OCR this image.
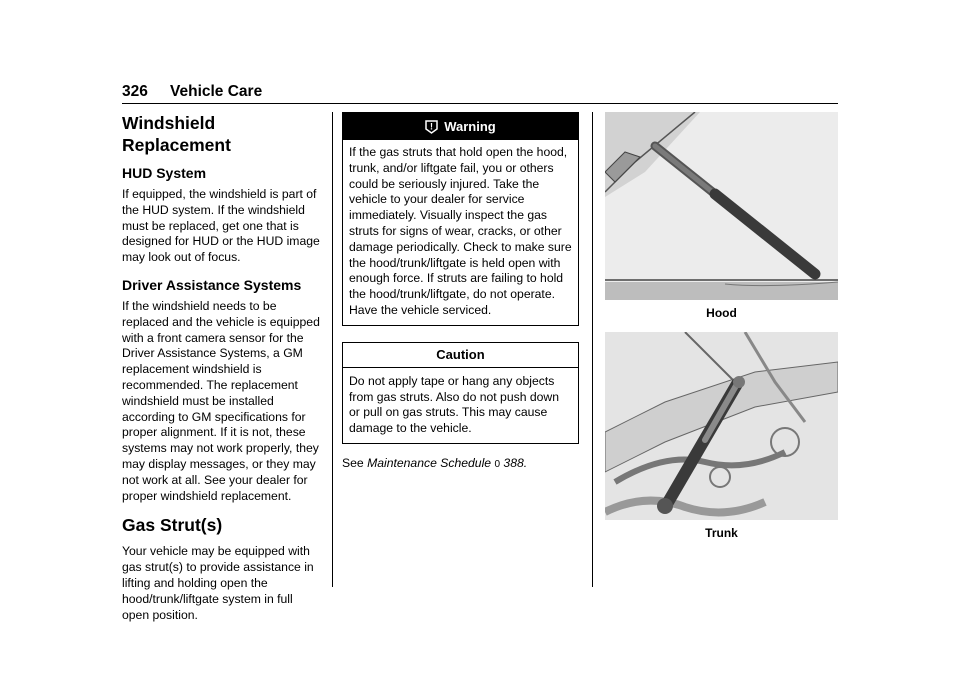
326 Vehicle Care
Windshield Replacement
HUD System

If equipped, the windshield is part of the HUD system. If the windshield must be replaced, get one that is designed for HUD or the HUD image may look out of focus.

Driver Assistance Systems

If the windshield needs to be replaced and the vehicle is equipped with a front camera sensor for the Driver Assistance Systems, a GM replacement windshield is recommended. The replacement windshield must be installed according to GM specifications for proper alignment. If it is not, these systems may not work properly, they may display messages, or they may not work at all. See your dealer for proper windshield replacement.

Gas Strut(s)

Your vehicle may be equipped with gas strut(s) to provide assistance in lifting and holding open the hood/trunk/liftgate system in full open position.

! Warning

If the gas struts that hold open the hood, trunk, and/or liftgate fail, you or others could be seriously injured. Take the vehicle to your dealer for service immediately. Visually inspect the gas struts for signs of wear, cracks, or other damage periodically. Check to make sure the hood/trunk/liftgate is held open with enough force. If struts are failing to hold the hood/trunk/liftgate, do not operate. Have the vehicle serviced.

Caution

Do not apply tape or hang any objects from gas struts. Also do not push down or pull on gas struts. This may cause damage to the vehicle.

See Maintenance Schedule 0 388.
Hood
Trunk
